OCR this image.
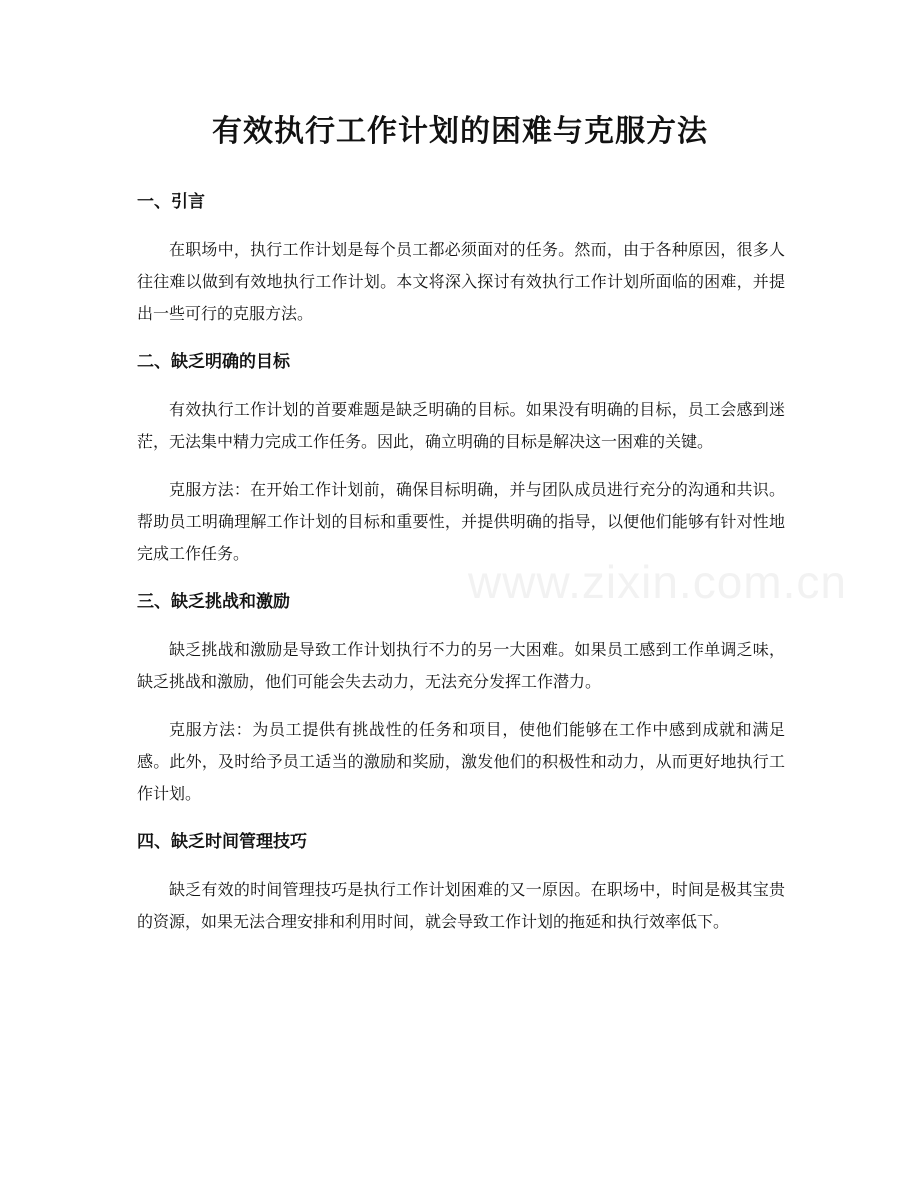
有效执行工作计划的困难与克服方法
一、引言

在职场中，执行工作计划是每个员工都必须面对的任务。然而，由于各种原因，很多人往往难以做到有效地执行工作计划。本文将深入探讨有效执行工作计划所面临的困难，并提出一些可行的克服方法。

二、缺乏明确的目标

有效执行工作计划的首要难题是缺乏明确的目标。如果没有明确的目标，员工会感到迷茫，无法集中精力完成工作任务。因此，确立明确的目标是解决这一困难的关键。

克服方法：在开始工作计划前，确保目标明确，并与团队成员进行充分的沟通和共识。帮助员工明确理解工作计划的目标和重要性，并提供明确的指导，以便他们能够有针对性地完成工作任务。

三、缺乏挑战和激励

缺乏挑战和激励是导致工作计划执行不力的另一大困难。如果员工感到工作单调乏味，缺乏挑战和激励，他们可能会失去动力，无法充分发挥工作潜力。

克服方法：为员工提供有挑战性的任务和项目，使他们能够在工作中感到成就和满足感。此外，及时给予员工适当的激励和奖励，激发他们的积极性和动力，从而更好地执行工作计划。

四、缺乏时间管理技巧

缺乏有效的时间管理技巧是执行工作计划困难的又一原因。在职场中，时间是极其宝贵的资源，如果无法合理安排和利用时间，就会导致工作计划的拖延和执行效率低下。

www.zixin.com.cn
